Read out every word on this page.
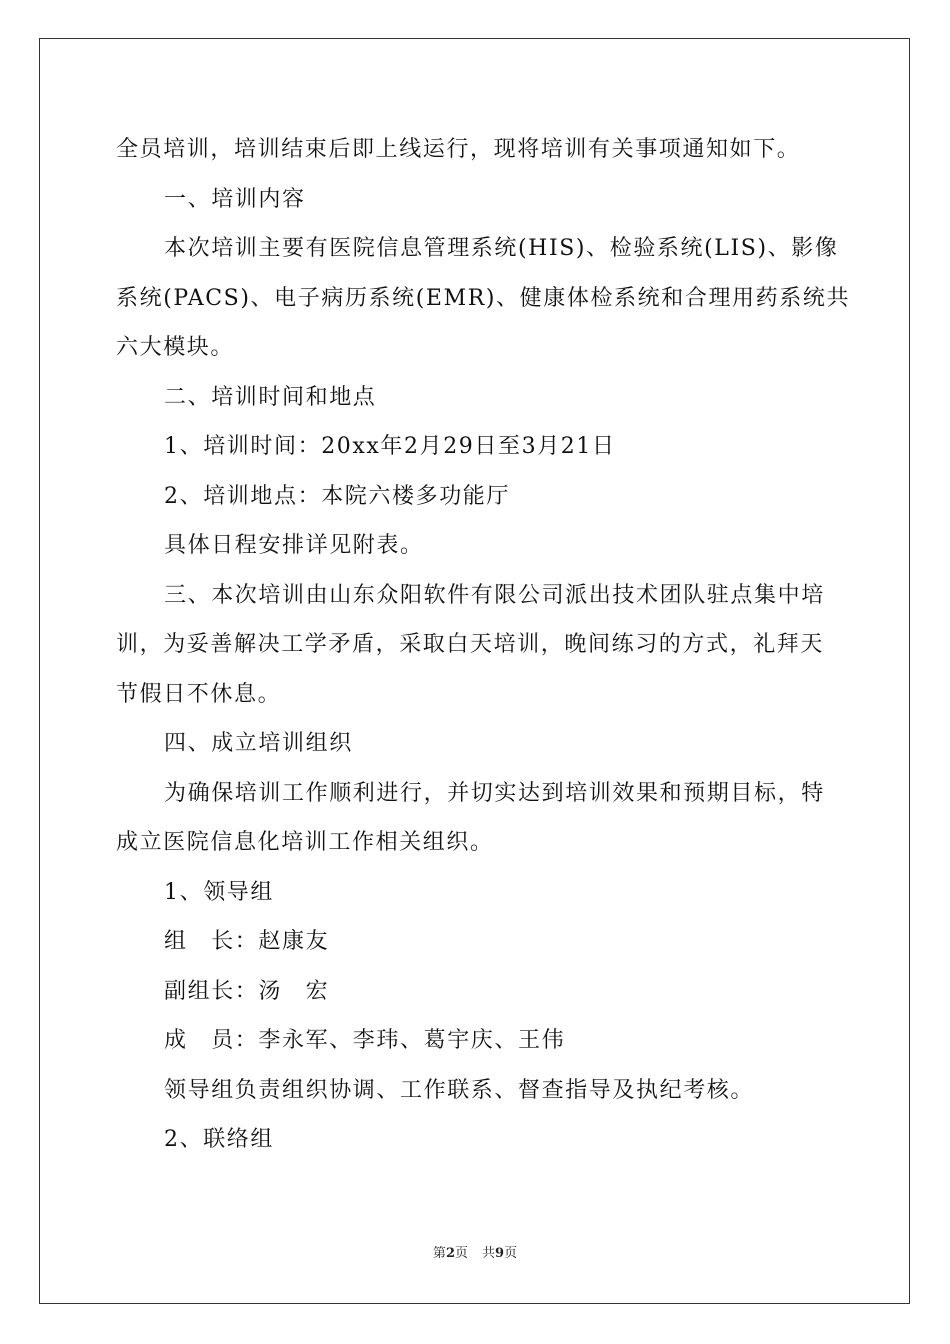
全员培训，培训结束后即上线运行，现将培训有关事项通知如下。
一、培训内容
本次培训主要有医院信息管理系统(HIS)、检验系统(LIS)、影像
系统(PACS)、电子病历系统(EMR)、健康体检系统和合理用药系统共
六大模块。
二、培训时间和地点
1、培训时间：20xx年2月29日至3月21日
2、培训地点：本院六楼多功能厅
具体日程安排详见附表。
三、本次培训由山东众阳软件有限公司派出技术团队驻点集中培
训，为妥善解决工学矛盾，采取白天培训，晚间练习的方式，礼拜天
节假日不休息。
四、成立培训组织
为确保培训工作顺利进行，并切实达到培训效果和预期目标，特
成立医院信息化培训工作相关组织。
1、领导组
组　长：赵康友
副组长：汤　宏
成　员：李永军、李玮、葛宇庆、王伟
领导组负责组织协调、工作联系、督查指导及执纪考核。
2、联络组
第2页 共9页
